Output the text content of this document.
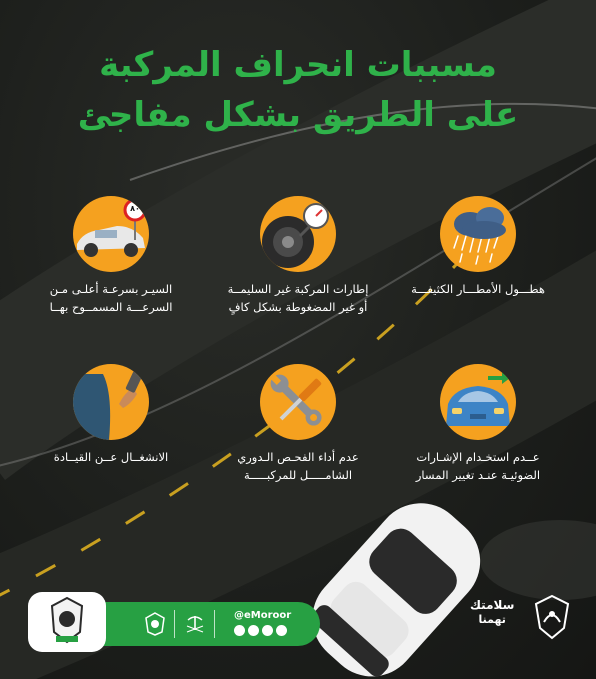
مسببات انحراف المركبة
على الطريق بشكل مفاجئ
هطـــول الأمطـــار الكثيفـــة
إطارات المركبة غير السليمــة
أو غير المضغوطة بشكل كافٍ
٨٠
السيـر بسرعـة أعلـى مـن
السرعـــة المسمــوح بهــا
عــدم استخـدام الإشـارات
الضوئيـة عنـد تغيير المسار
عدم أداء الفحـص الـدوري
الشامـــــل للمركبـــــة
الانشغــال عــن القيــادة
@eMoroor
سلامتك
تهمنا
